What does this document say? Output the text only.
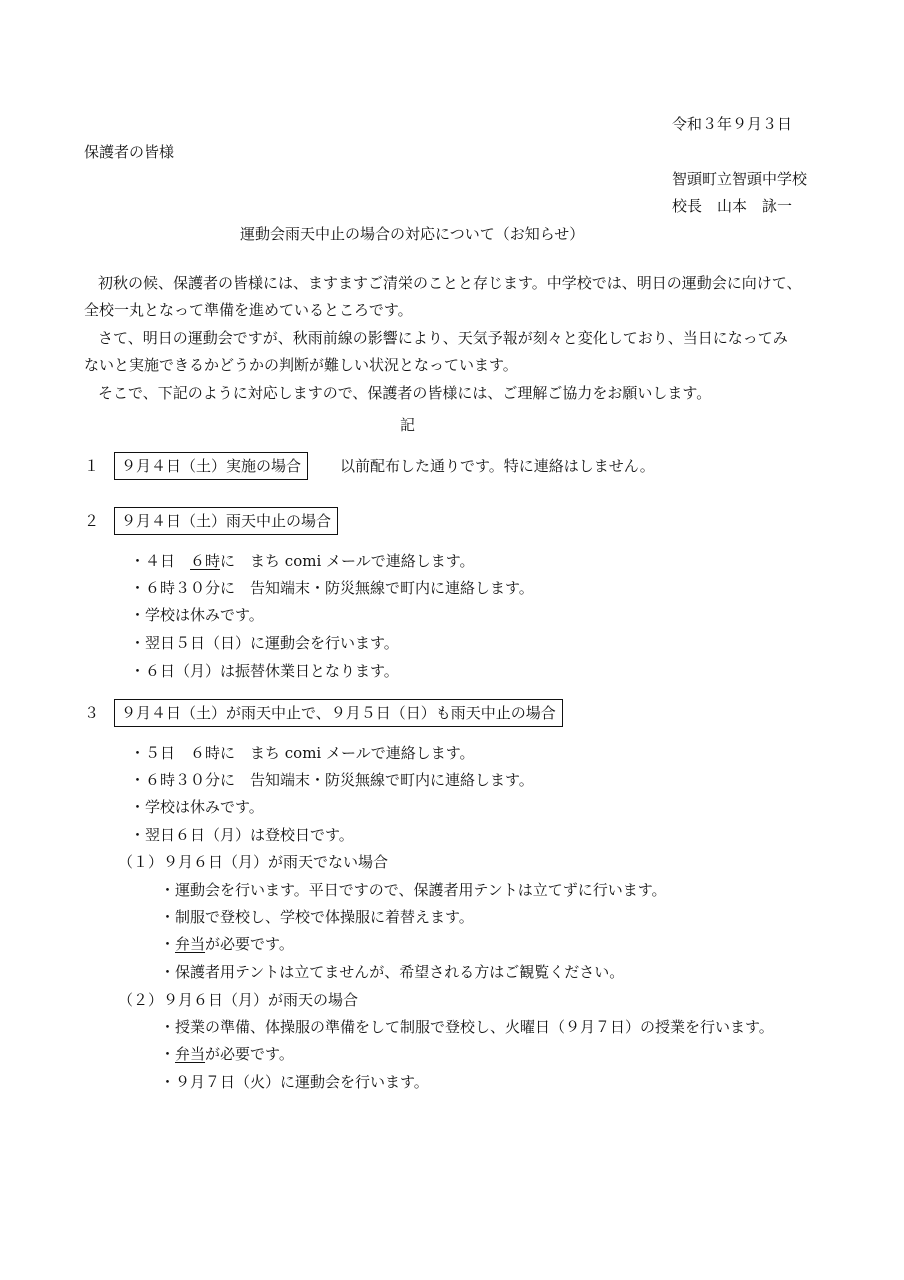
令和３年９月３日
保護者の皆様
智頭町立智頭中学校
校長　山本　詠一
運動会雨天中止の場合の対応について（お知らせ）
初秋の候、保護者の皆様には、ますますご清栄のことと存じます。中学校では、明日の運動会に向けて、
全校一丸となって準備を進めているところです。
さて、明日の運動会ですが、秋雨前線の影響により、天気予報が刻々と変化しており、当日になってみ
ないと実施できるかどうかの判断が難しい状況となっています。
そこで、下記のように対応しますので、保護者の皆様には、ご理解ご協力をお願いします。
記
１	９月４日（土）実施の場合	以前配布した通りです。特に連絡はしません。
２	９月４日（土）雨天中止の場合
・４日　６時に　まち comi メールで連絡します。
・６時３０分に　告知端末・防災無線で町内に連絡します。
・学校は休みです。
・翌日５日（日）に運動会を行います。
・６日（月）は振替休業日となります。
３	９月４日（土）が雨天中止で、９月５日（日）も雨天中止の場合
・５日　６時に　まち comi メールで連絡します。
・６時３０分に　告知端末・防災無線で町内に連絡します。
・学校は休みです。
・翌日６日（月）は登校日です。
（１）９月６日（月）が雨天でない場合
・運動会を行います。平日ですので、保護者用テントは立てずに行います。
・制服で登校し、学校で体操服に着替えます。
・弁当が必要です。
・保護者用テントは立てませんが、希望される方はご観覧ください。
（２）９月６日（月）が雨天の場合
・授業の準備、体操服の準備をして制服で登校し、火曜日（９月７日）の授業を行います。
・弁当が必要です。
・９月７日（火）に運動会を行います。
